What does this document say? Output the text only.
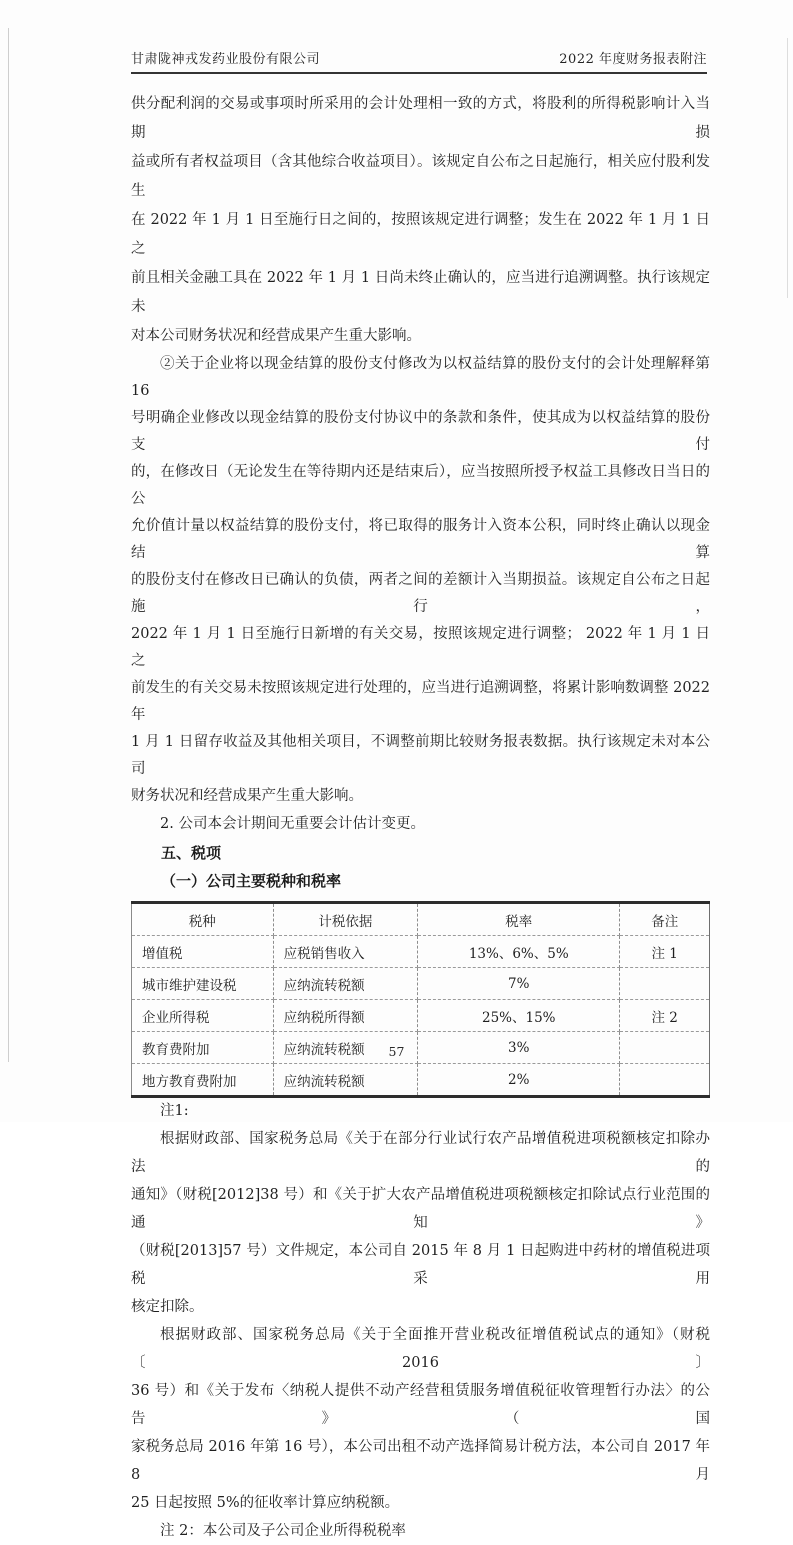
甘肃陇神戎发药业股份有限公司	2022 年度财务报表附注
供分配利润的交易或事项时所采用的会计处理相一致的方式，将股利的所得税影响计入当期损
益或所有者权益项目（含其他综合收益项目）。该规定自公布之日起施行，相关应付股利发生
在 2022 年 1 月 1 日至施行日之间的，按照该规定进行调整；发生在 2022 年 1 月 1 日之
前且相关金融工具在 2022 年 1 月 1 日尚未终止确认的，应当进行追溯调整。执行该规定未
对本公司财务状况和经营成果产生重大影响。
②关于企业将以现金结算的股份支付修改为以权益结算的股份支付的会计处理解释第 16
号明确企业修改以现金结算的股份支付协议中的条款和条件，使其成为以权益结算的股份支付
的，在修改日（无论发生在等待期内还是结束后），应当按照所授予权益工具修改日当日的公
允价值计量以权益结算的股份支付，将已取得的服务计入资本公积，同时终止确认以现金结算
的股份支付在修改日已确认的负债，两者之间的差额计入当期损益。该规定自公布之日起施行，
2022 年 1 月 1 日至施行日新增的有关交易，按照该规定进行调整； 2022 年 1 月 1 日之
前发生的有关交易未按照该规定进行处理的，应当进行追溯调整，将累计影响数调整 2022 年
1 月 1 日留存收益及其他相关项目，不调整前期比较财务报表数据。执行该规定未对本公司
财务状况和经营成果产生重大影响。
2. 公司本会计期间无重要会计估计变更。
五、税项
（一）公司主要税种和税率
税种	计税依据	税率	备注
增值税	应税销售收入	13%、6%、5%	注 1
城市维护建设税	应纳流转税额	7%	
企业所得税	应纳税所得额	25%、15%	注 2
教育费附加	应纳流转税额	3%	
地方教育费附加	应纳流转税额	2%	
注1:
根据财政部、国家税务总局《关于在部分行业试行农产品增值税进项税额核定扣除办法的
通知》（财税[2012]38 号）和《关于扩大农产品增值税进项税额核定扣除试点行业范围的通知》
（财税[2013]57 号）文件规定，本公司自 2015 年 8 月 1 日起购进中药材的增值税进项税采用
核定扣除。
根据财政部、国家税务总局《关于全面推开营业税改征增值税试点的通知》（财税〔2016〕
36 号）和《关于发布〈纳税人提供不动产经营租赁服务增值税征收管理暂行办法〉的公告》（国
家税务总局 2016 年第 16 号），本公司出租不动产选择简易计税方法，本公司自 2017 年 8 月
25 日起按照 5%的征收率计算应纳税额。
注 2：本公司及子公司企业所得税税率
57
